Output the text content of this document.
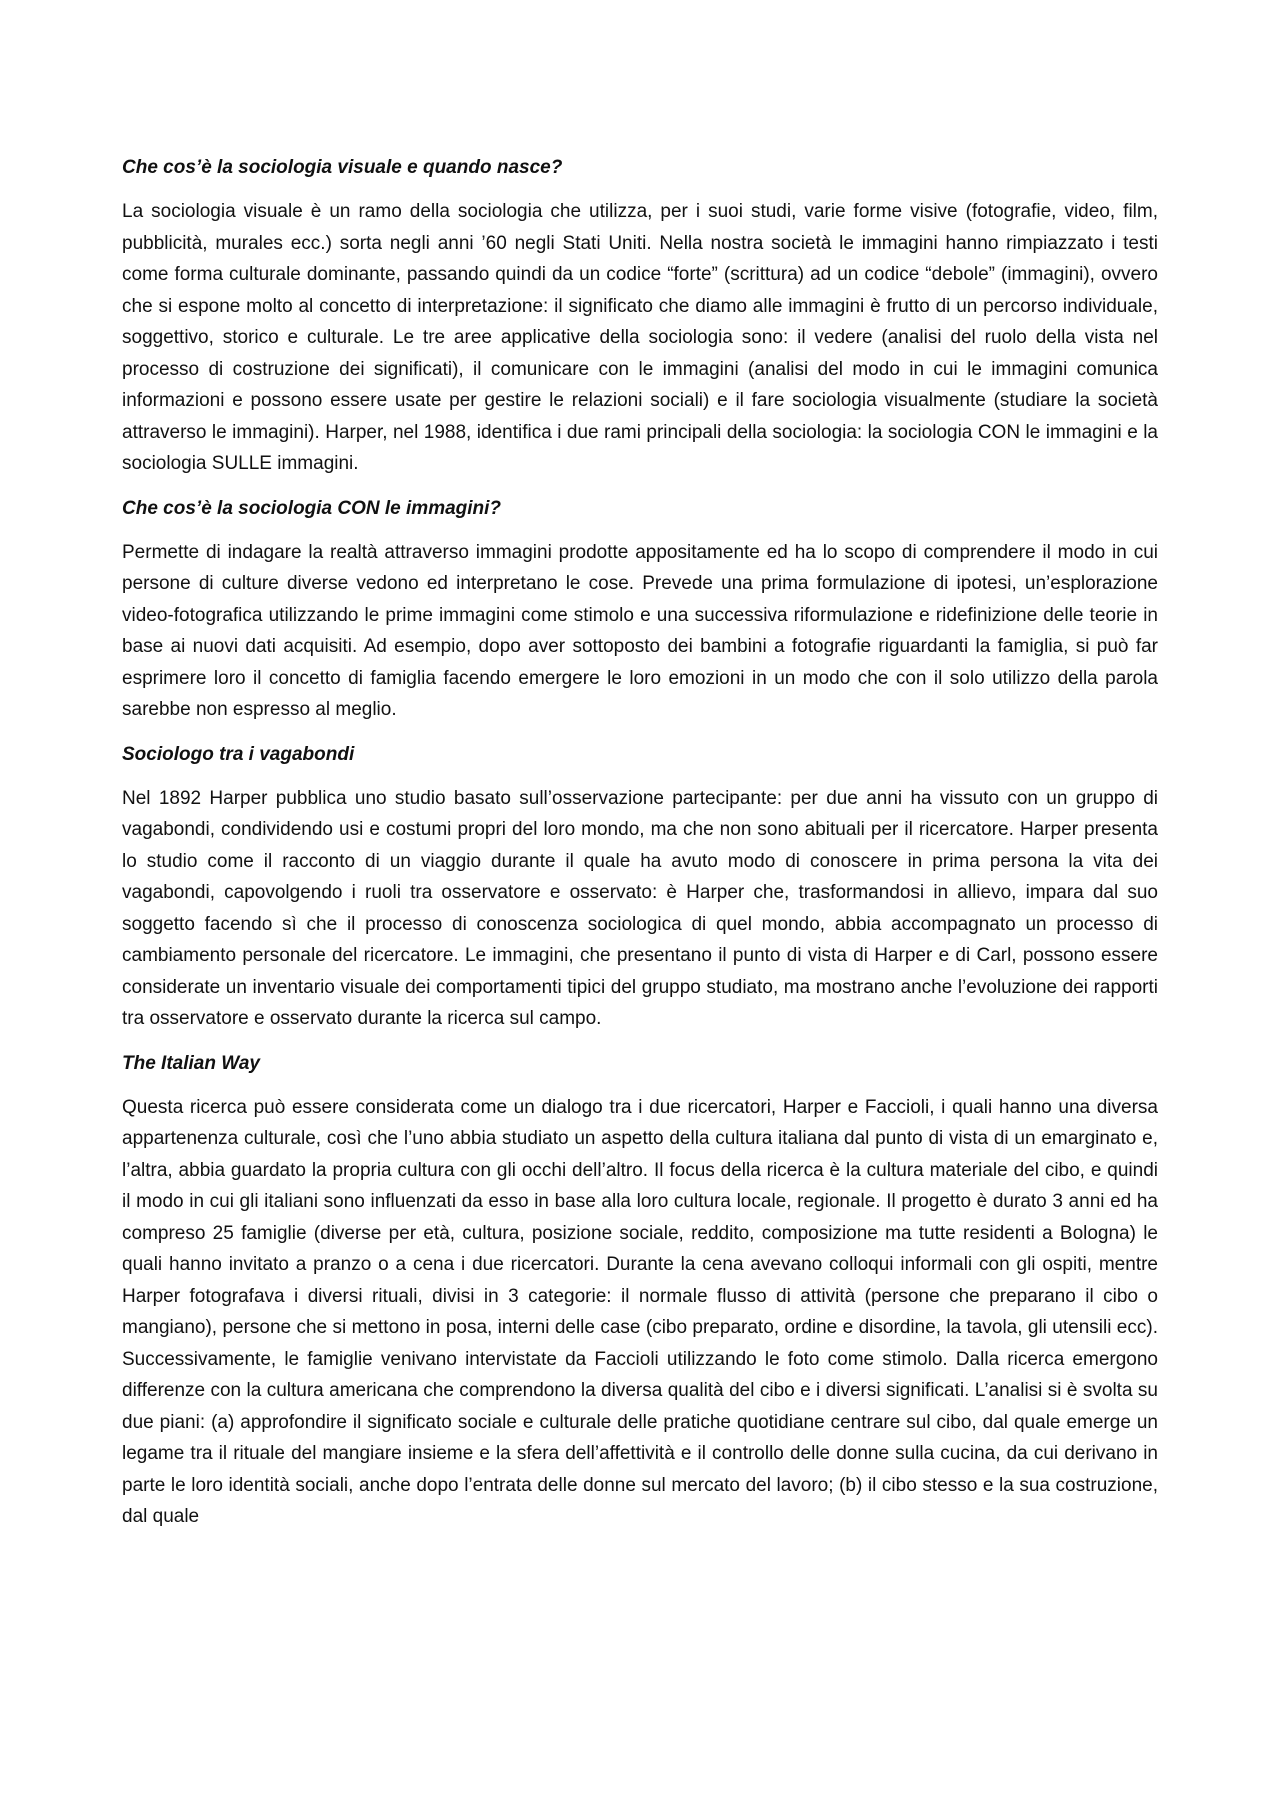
Che cos’è la sociologia visuale e quando nasce?
La sociologia visuale è un ramo della sociologia che utilizza, per i suoi studi, varie forme visive (fotografie, video, film, pubblicità, murales ecc.) sorta negli anni ’60 negli Stati Uniti. Nella nostra società le immagini hanno rimpiazzato i testi come forma culturale dominante, passando quindi da un codice “forte” (scrittura) ad un codice “debole” (immagini), ovvero che si espone molto al concetto di interpretazione: il significato che diamo alle immagini è frutto di un percorso individuale, soggettivo, storico e culturale. Le tre aree applicative della sociologia sono: il vedere (analisi del ruolo della vista nel processo di costruzione dei significati), il comunicare con le immagini (analisi del modo in cui le immagini comunica informazioni e possono essere usate per gestire le relazioni sociali) e il fare sociologia visualmente (studiare la società attraverso le immagini). Harper, nel 1988, identifica i due rami principali della sociologia: la sociologia CON le immagini e la sociologia SULLE immagini.
Che cos’è la sociologia CON le immagini?
Permette di indagare la realtà attraverso immagini prodotte appositamente ed ha lo scopo di comprendere il modo in cui persone di culture diverse vedono ed interpretano le cose. Prevede una prima formulazione di ipotesi, un’esplorazione video-fotografica utilizzando le prime immagini come stimolo e una successiva riformulazione e ridefinizione delle teorie in base ai nuovi dati acquisiti. Ad esempio, dopo aver sottoposto dei bambini a fotografie riguardanti la famiglia, si può far esprimere loro il concetto di famiglia facendo emergere le loro emozioni in un modo che con il solo utilizzo della parola sarebbe non espresso al meglio.
Sociologo tra i vagabondi
Nel 1892 Harper pubblica uno studio basato sull’osservazione partecipante: per due anni ha vissuto con un gruppo di vagabondi, condividendo usi e costumi propri del loro mondo, ma che non sono abituali per il ricercatore. Harper presenta lo studio come il racconto di un viaggio durante il quale ha avuto modo di conoscere in prima persona la vita dei vagabondi, capovolgendo i ruoli tra osservatore e osservato: è Harper che, trasformandosi in allievo, impara dal suo soggetto facendo sì che il processo di conoscenza sociologica di quel mondo, abbia accompagnato un processo di cambiamento personale del ricercatore. Le immagini, che presentano il punto di vista di Harper e di Carl, possono essere considerate un inventario visuale dei comportamenti tipici del gruppo studiato, ma mostrano anche l’evoluzione dei rapporti tra osservatore e osservato durante la ricerca sul campo.
The Italian Way
Questa ricerca può essere considerata come un dialogo tra i due ricercatori, Harper e Faccioli, i quali hanno una diversa appartenenza culturale, così che l’uno abbia studiato un aspetto della cultura italiana dal punto di vista di un emarginato e, l’altra, abbia guardato la propria cultura con gli occhi dell’altro. Il focus della ricerca è la cultura materiale del cibo, e quindi il modo in cui gli italiani sono influenzati da esso in base alla loro cultura locale, regionale. Il progetto è durato 3 anni ed ha compreso 25 famiglie (diverse per età, cultura, posizione sociale, reddito, composizione ma tutte residenti a Bologna) le quali hanno invitato a pranzo o a cena i due ricercatori. Durante la cena avevano colloqui informali con gli ospiti, mentre Harper fotografava i diversi rituali, divisi in 3 categorie: il normale flusso di attività (persone che preparano il cibo o mangiano), persone che si mettono in posa, interni delle case (cibo preparato, ordine e disordine, la tavola, gli utensili ecc). Successivamente, le famiglie venivano intervistate da Faccioli utilizzando le foto come stimolo. Dalla ricerca emergono differenze con la cultura americana che comprendono la diversa qualità del cibo e i diversi significati. L’analisi si è svolta su due piani: (a) approfondire il significato sociale e culturale delle pratiche quotidiane centrare sul cibo, dal quale emerge un legame tra il rituale del mangiare insieme e la sfera dell’affettività e il controllo delle donne sulla cucina, da cui derivano in parte le loro identità sociali, anche dopo l’entrata delle donne sul mercato del lavoro; (b) il cibo stesso e la sua costruzione, dal quale
